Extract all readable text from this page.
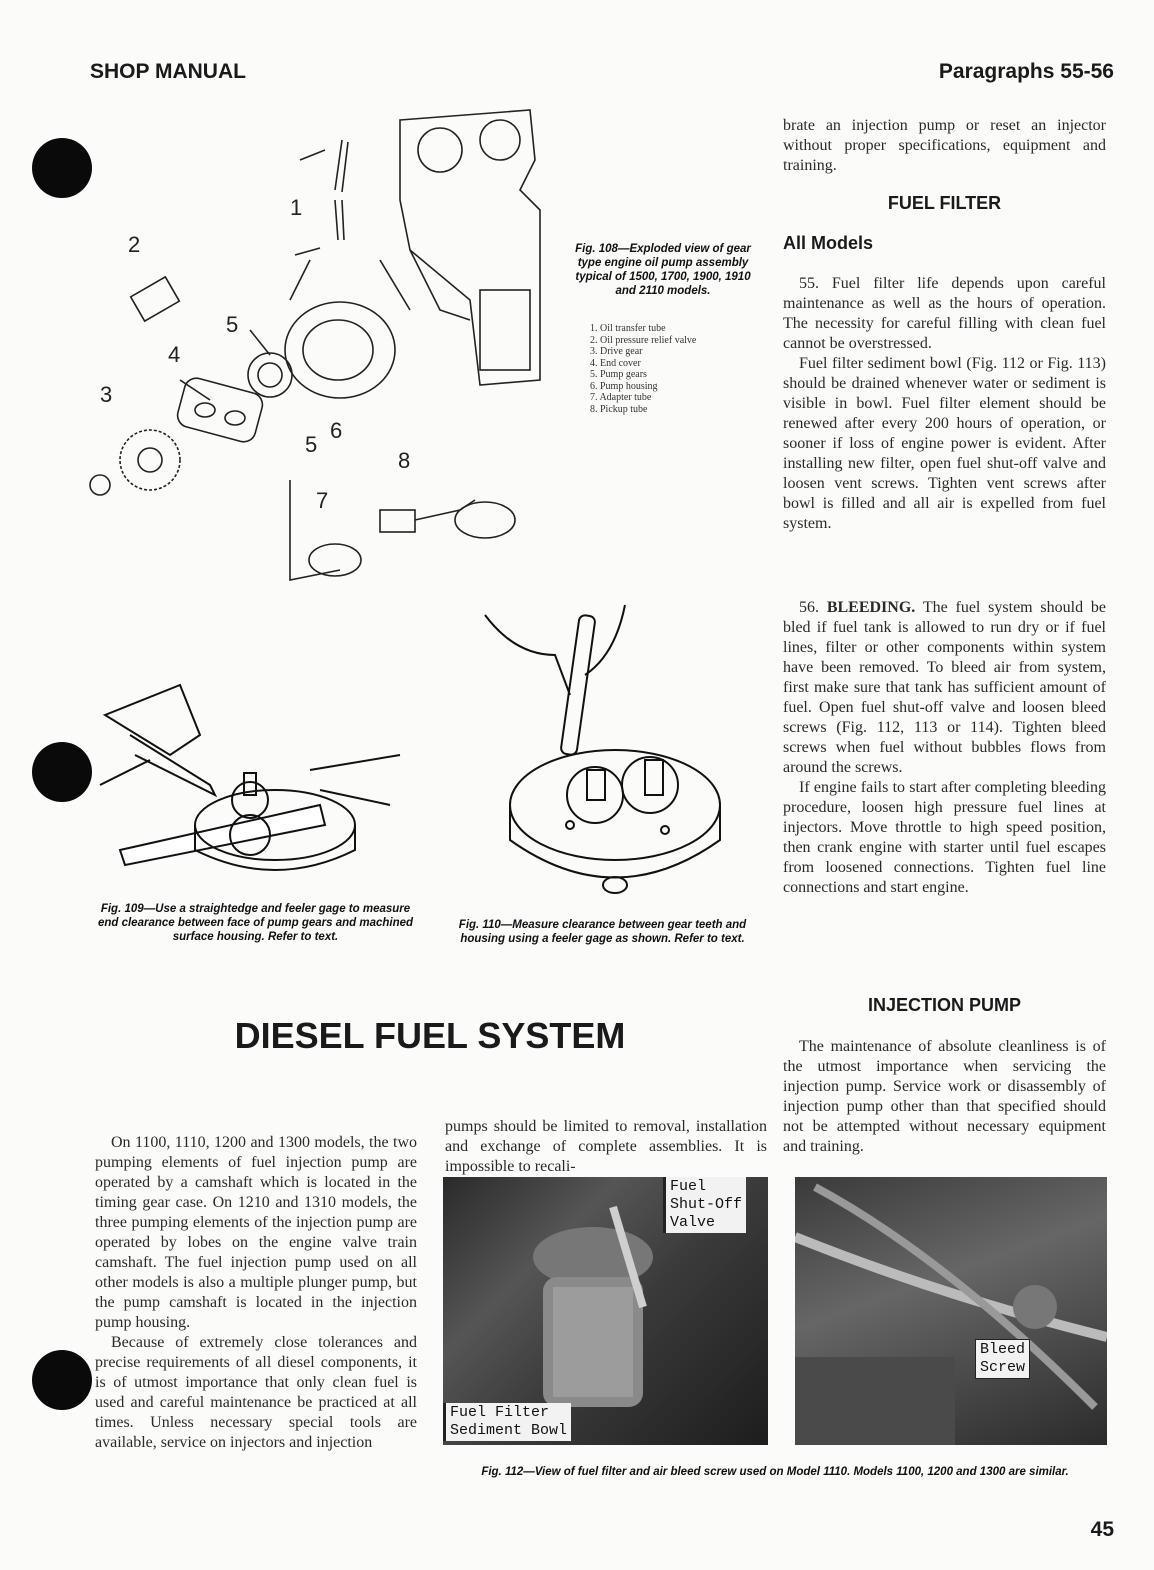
SHOP MANUAL	Paragraphs 55-56
1
2
3
4
5
5
6
7
8
Fig. 108—Exploded view of gear type engine oil pump assembly typical of 1500, 1700, 1900, 1910 and 2110 models.
1. Oil transfer tube
2. Oil pressure relief valve
3. Drive gear
4. End cover
5. Pump gears
6. Pump housing
7. Adapter tube
8. Pickup tube
Fig. 109—Use a straightedge and feeler gage to measure end clearance between face of pump gears and machined surface housing. Refer to text.
Fig. 110—Measure clearance between gear teeth and housing using a feeler gage as shown. Refer to text.

brate an injection pump or reset an injector without proper specifications, equipment and training.

FUEL FILTER
All Models

55. Fuel filter life depends upon careful maintenance as well as the hours of operation. The necessity for careful filling with clean fuel cannot be overstressed.

Fuel filter sediment bowl (Fig. 112 or Fig. 113) should be drained whenever water or sediment is visible in bowl. Fuel filter element should be renewed after every 200 hours of operation, or sooner if loss of engine power is evident. After installing new filter, open fuel shut-off valve and loosen vent screws. Tighten vent screws after bowl is filled and all air is expelled from fuel system.

56. BLEEDING. The fuel system should be bled if fuel tank is allowed to run dry or if fuel lines, filter or other components within system have been removed. To bleed air from system, first make sure that tank has sufficient amount of fuel. Open fuel shut-off valve and loosen bleed screws (Fig. 112, 113 or 114). Tighten bleed screws when fuel without bubbles flows from around the screws.

If engine fails to start after completing bleeding procedure, loosen high pressure fuel lines at injectors. Move throttle to high speed position, then crank engine with starter until fuel escapes from loosened connections. Tighten fuel line connections and start engine.

INJECTION PUMP

The maintenance of absolute cleanliness is of the utmost importance when servicing the injection pump. Service work or disassembly of injection pump other than that specified should not be attempted without necessary equipment and training.

DIESEL FUEL SYSTEM

On 1100, 1110, 1200 and 1300 models, the two pumping elements of fuel injection pump are operated by a camshaft which is located in the timing gear case. On 1210 and 1310 models, the three pumping elements of the injection pump are operated by lobes on the engine valve train camshaft. The fuel injection pump used on all other models is also a multiple plunger pump, but the pump camshaft is located in the injection pump housing.

Because of extremely close tolerances and precise requirements of all diesel components, it is of utmost importance that only clean fuel is used and careful maintenance be practiced at all times. Unless necessary special tools are available, service on injectors and injection

pumps should be limited to removal, installation and exchange of complete assemblies. It is impossible to recali-

Fuel
Shut-Off
Valve
Fuel Filter
Sediment Bowl
Bleed
Screw
Fig. 112—View of fuel filter and air bleed screw used on Model 1110. Models 1100, 1200 and 1300 are similar.
45
